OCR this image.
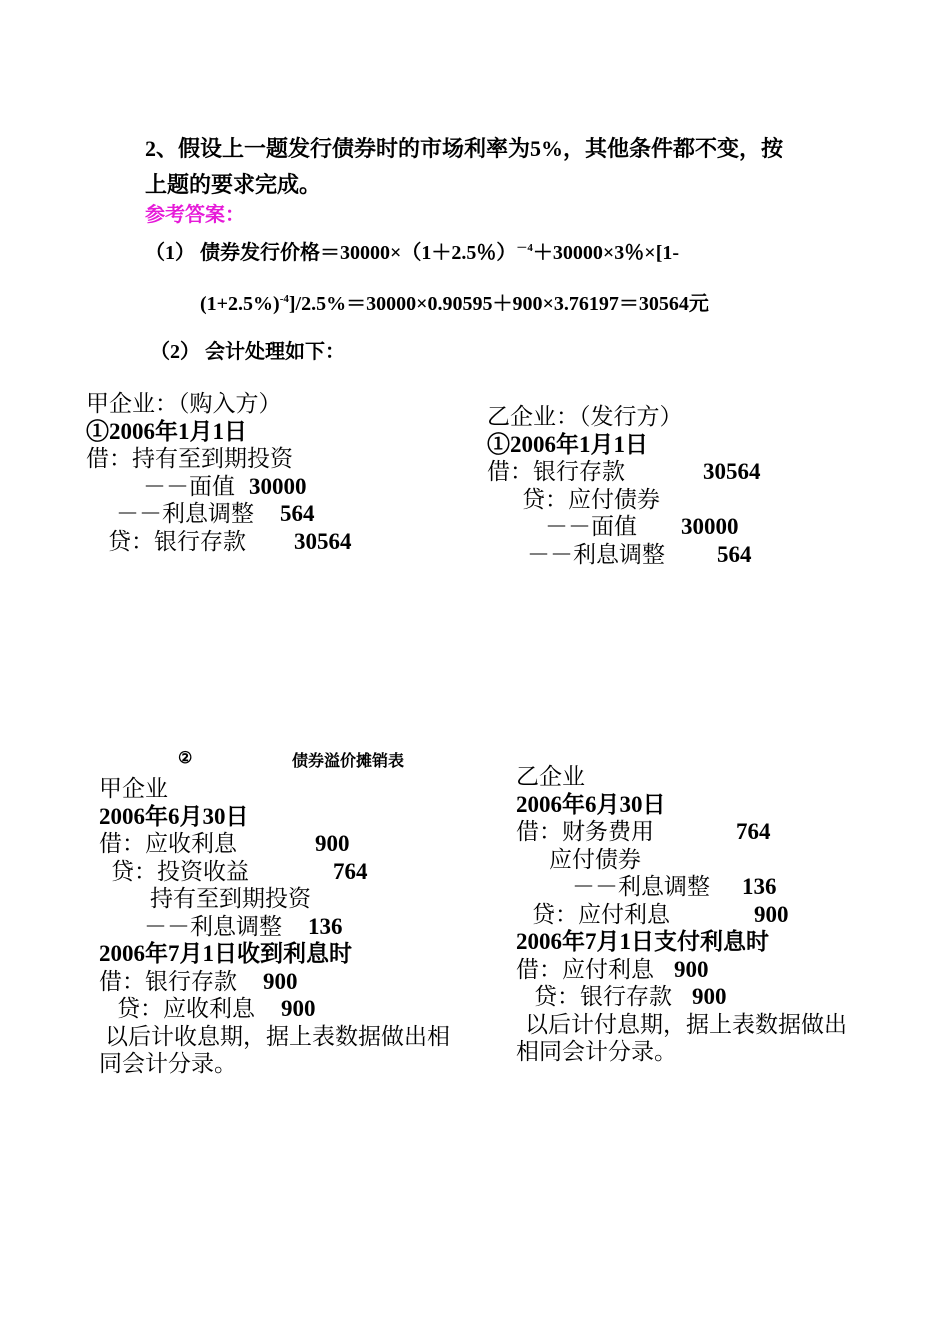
2、假设上一题发行债券时的市场利率为5%，其他条件都不变，按
上题的要求完成。
参考答案：
（1） 债券发行价格＝30000×（1＋2.5％）$^{-4}$＋30000×3％×[1-
$(1+2.5\%)^{-4}]/2.5\%=30000\times 0.90595+900\times 3.76197=30564$元
（2） 会计处理如下：
甲企业：（购入方）
①2006年1月1日
借：持有至到期投资
－－面值 30000
－－利息调整 564
贷：银行存款 30564
乙企业：（发行方）
①2006年1月1日
借：银行存款	30564
贷：应付债券
－－面值 30000
－－利息调整 564
②	债券溢价摊销表
甲企业
2006年6月30日
借：应收利息	900
贷：投资收益	764
持有至到期投资
－－利息调整 136
2006年7月1日收到利息时
借：银行存款 900
贷：应收利息 900
以后计收息期，据上表数据做出相
同会计分录。
乙企业
2006年6月30日
借：财务费用	764
应付债券
－－利息调整 136
贷：应付利息	900
2006年7月1日支付利息时
借：应付利息 900
贷：银行存款 900
以后计付息期，据上表数据做出
相同会计分录。
